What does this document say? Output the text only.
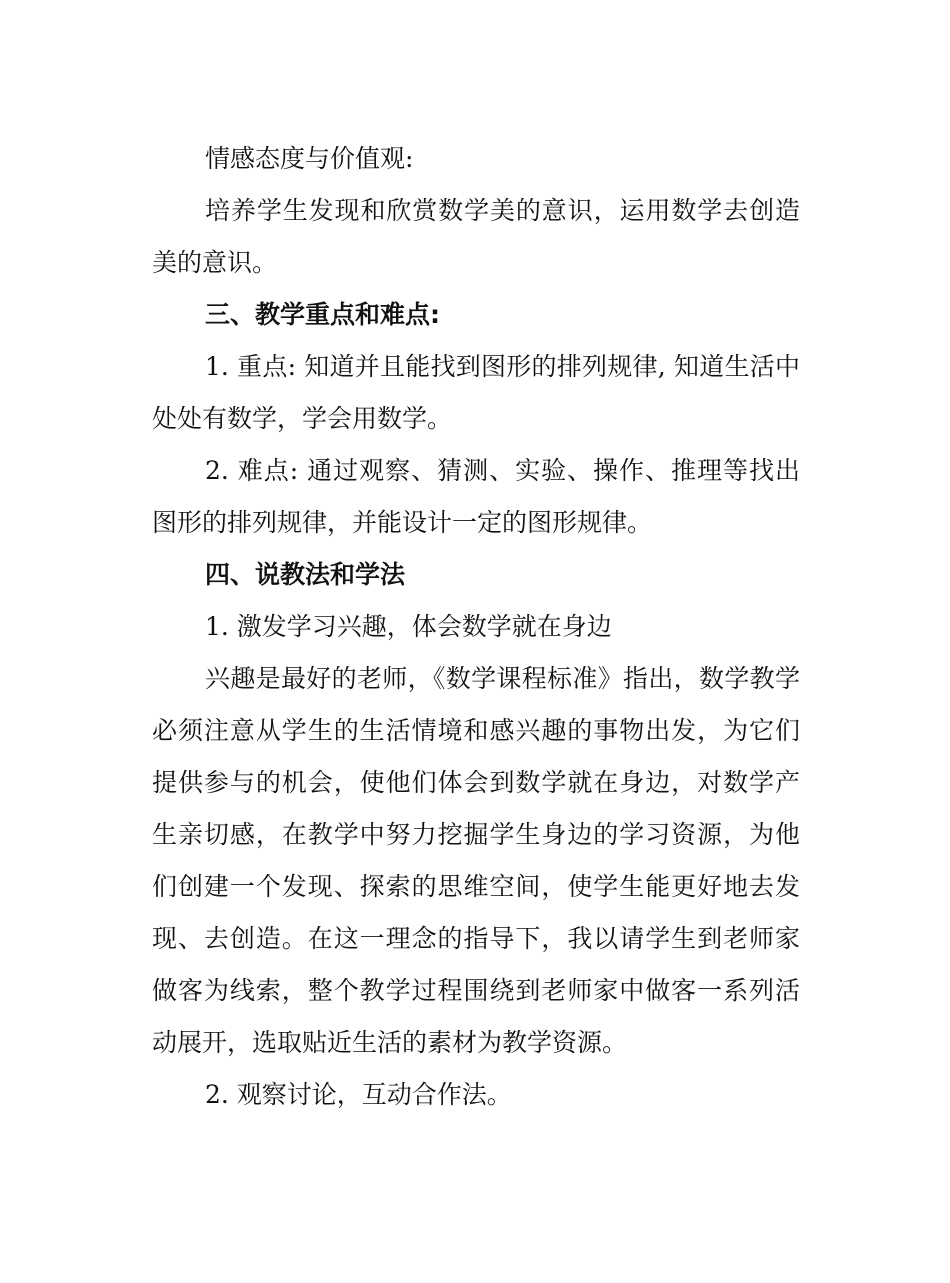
情感态度与价值观:

培养学生发现和欣赏数学美的意识，运用数学去创造美的意识。

三、教学重点和难点:

1. 重点: 知道并且能找到图形的排列规律, 知道生活中处处有数学，学会用数学。

2. 难点: 通过观察、猜测、实验、操作、推理等找出图形的排列规律，并能设计一定的图形规律。

四、说教法和学法

1. 激发学习兴趣，体会数学就在身边

兴趣是最好的老师，《数学课程标准》指出，数学教学必须注意从学生的生活情境和感兴趣的事物出发，为它们提供参与的机会，使他们体会到数学就在身边，对数学产生亲切感，在教学中努力挖掘学生身边的学习资源，为他们创建一个发现、探索的思维空间，使学生能更好地去发现、去创造。在这一理念的指导下，我以请学生到老师家做客为线索，整个教学过程围绕到老师家中做客一系列活动展开，选取贴近生活的素材为教学资源。

2. 观察讨论，互动合作法。
